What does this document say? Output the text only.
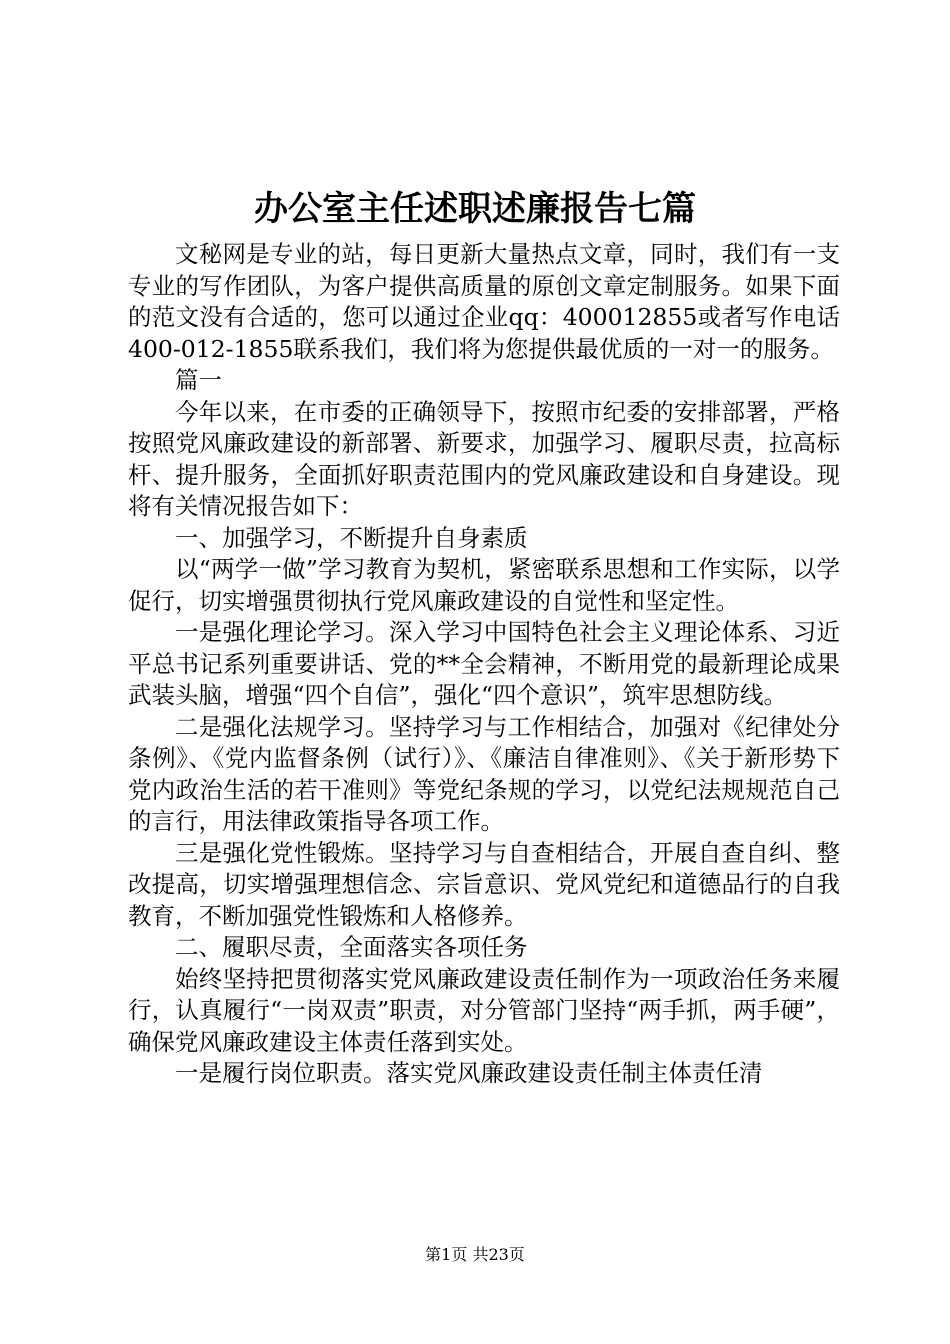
办公室主任述职述廉报告七篇

文秘网是专业的站，每日更新大量热点文章，同时，我们有一支专业的写作团队，为客户提供高质量的原创文章定制服务。如果下面的范文没有合适的，您可以通过企业qq：400012855或者写作电话400-012-1855联系我们，我们将为您提供最优质的一对一的服务。

篇一

今年以来，在市委的正确领导下，按照市纪委的安排部署，严格按照党风廉政建设的新部署、新要求，加强学习、履职尽责，拉高标杆、提升服务，全面抓好职责范围内的党风廉政建设和自身建设。现将有关情况报告如下：

一、加强学习，不断提升自身素质

以“两学一做”学习教育为契机，紧密联系思想和工作实际，以学促行，切实增强贯彻执行党风廉政建设的自觉性和坚定性。

一是强化理论学习。深入学习中国特色社会主义理论体系、习近平总书记系列重要讲话、党的**全会精神，不断用党的最新理论成果武装头脑，增强“四个自信”，强化“四个意识”，筑牢思想防线。

二是强化法规学习。坚持学习与工作相结合，加强对《纪律处分条例》、《党内监督条例（试行）》、《廉洁自律准则》、《关于新形势下党内政治生活的若干准则》等党纪条规的学习，以党纪法规规范自己的言行，用法律政策指导各项工作。

三是强化党性锻炼。坚持学习与自查相结合，开展自查自纠、整改提高，切实增强理想信念、宗旨意识、党风党纪和道德品行的自我教育，不断加强党性锻炼和人格修养。

二、履职尽责，全面落实各项任务

始终坚持把贯彻落实党风廉政建设责任制作为一项政治任务来履行，认真履行“一岗双责”职责，对分管部门坚持“两手抓，两手硬”，确保党风廉政建设主体责任落到实处。

一是履行岗位职责。落实党风廉政建设责任制主体责任清

第1页 共23页
